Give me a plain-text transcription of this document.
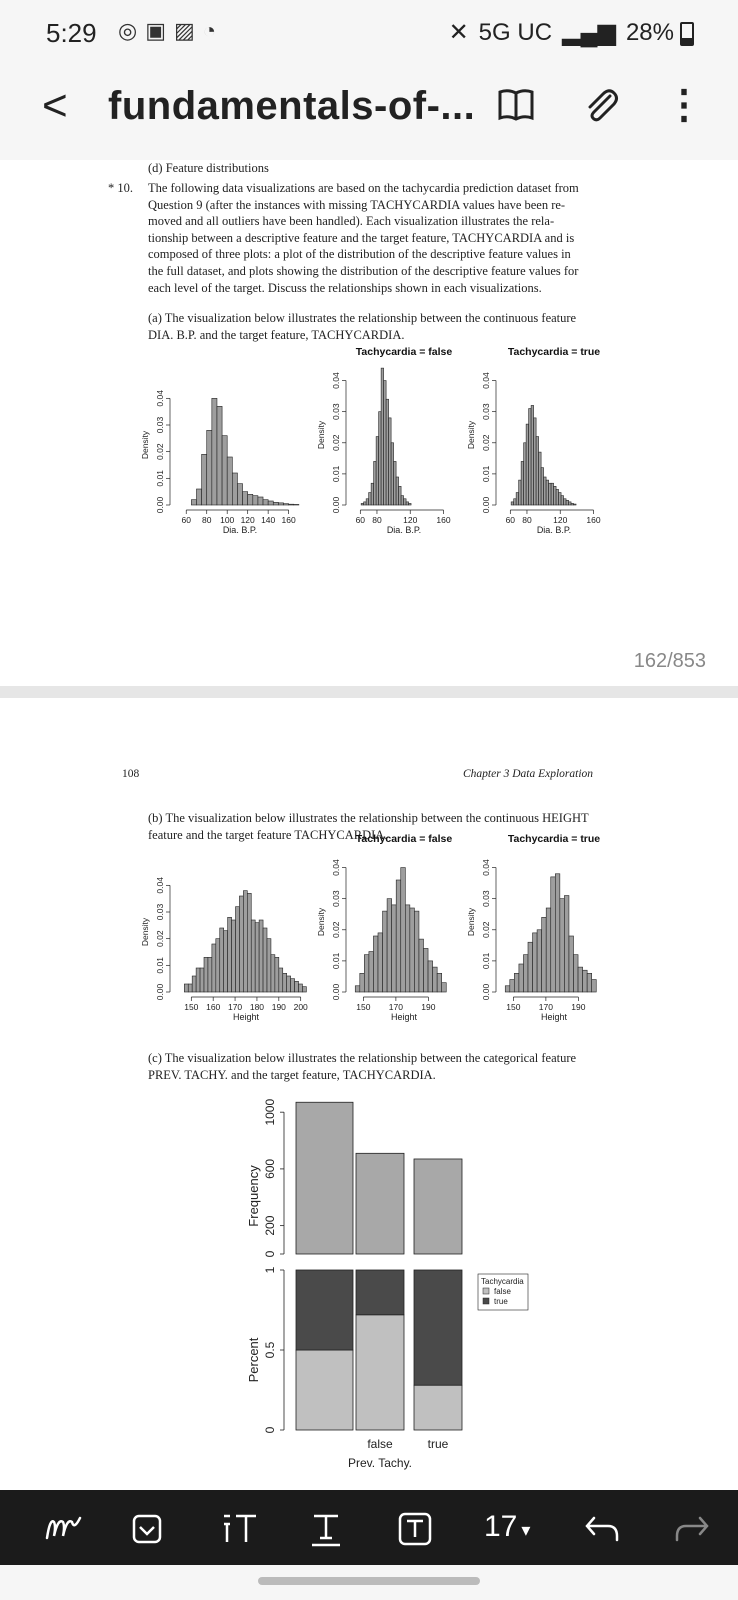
5:29 ◎ ▣ ▨ ◔	✕ 5G UC ▂▄▆ 28%
< fundamentals-of-...	⋮
(d) Feature distributions
* 10. The following data visualizations are based on the tachycardia prediction dataset from
Question 9 (after the instances with missing TACHYCARDIA values have been re-
moved and all outliers have been handled). Each visualization illustrates the rela-
tionship between a descriptive feature and the target feature, TACHYCARDIA and is
composed of three plots: a plot of the distribution of the descriptive feature values in
the full dataset, and plots showing the distribution of the descriptive feature values for
each level of the target. Discuss the relationships shown in each visualizations.
(a) The visualization below illustrates the relationship between the continuous feature
DIA. B.P. and the target feature, TACHYCARDIA.
0.00
0.01
0.02
0.03
0.04
Density
60 80 100 120 140 160
Dia. B.P.
Tachycardia = false
0.00
0.01
0.02
0.03
0.04
Density
60 80	120 160
Dia. B.P.
Tachycardia = true
0.00
0.01
0.02
0.03
0.04
Density
60 80	120 160
Dia. B.P.
162/853
108	Chapter 3 Data Exploration
(b) The visualization below illustrates the relationship between the continuous HEIGHT
feature and the target feature TACHYCARDIA.
0.00
0.01
0.02
0.03
0.04
Density
150 160 170 180 190 200
Height
Tachycardia = false
0.00
0.01
0.02
0.03
0.04
Density
150 170 190
Height
Tachycardia = true
0.00
0.01
0.02
0.03
0.04
Density
150 170 190
Height
(c) The visualization below illustrates the relationship between the categorical feature
PREV. TACHY. and the target feature, TACHYCARDIA.
0
200
600
1000
Frequency
0
0.5
1
Percent
false	true
Prev. Tachy.
Tachycardia
false
true
17 ▾
